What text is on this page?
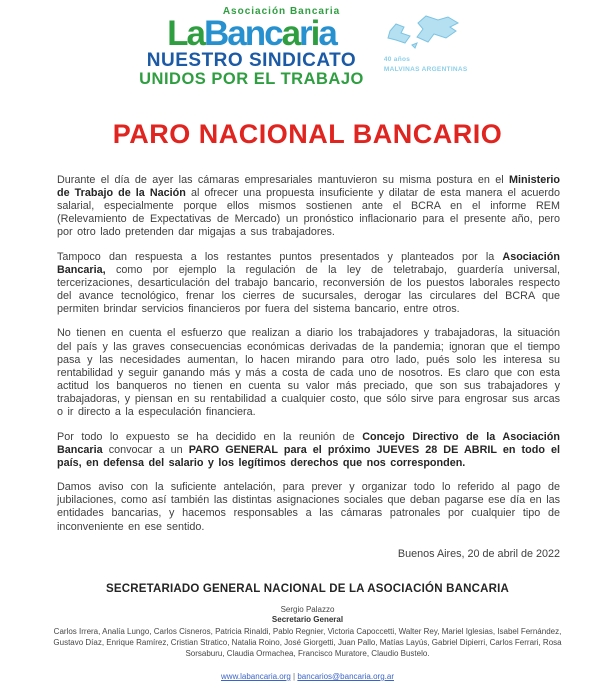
Asociación Bancaria
LaBancaria
NUESTRO SINDICATO
UNIDOS POR EL TRABAJO
40 años
MALVINAS ARGENTINAS
PARO NACIONAL BANCARIO
Durante el día de ayer las cámaras empresariales mantuvieron su misma postura en el Ministerio de Trabajo de la Nación al ofrecer una propuesta insuficiente y dilatar de esta manera el acuerdo salarial, especialmente porque ellos mismos sostienen ante el BCRA en el informe REM (Relevamiento de Expectativas de Mercado) un pronóstico inflacionario para el presente año, pero por otro lado pretenden dar migajas a sus trabajadores.
Tampoco dan respuesta a los restantes puntos presentados y planteados por la Asociación Bancaria, como por ejemplo la regulación de la ley de teletrabajo, guardería universal, tercerizaciones, desarticulación del trabajo bancario, reconversión de los puestos laborales respecto del avance tecnológico, frenar los cierres de sucursales, derogar las circulares del BCRA que permiten brindar servicios financieros por fuera del sistema bancario, entre otros.
No tienen en cuenta el esfuerzo que realizan a diario los trabajadores y trabajadoras, la situación del país y las graves consecuencias económicas derivadas de la pandemia; ignoran que el tiempo pasa y las necesidades aumentan, lo hacen mirando para otro lado, pués solo les interesa su rentabilidad y seguir ganando más y más a costa de cada uno de nosotros. Es claro que con esta actitud los banqueros no tienen en cuenta su valor más preciado, que son sus trabajadores y trabajadoras, y piensan en su rentabilidad a cualquier costo, que sólo sirve para engrosar sus arcas o ir directo a la especulación financiera.
Por todo lo expuesto se ha decidido en la reunión de Concejo Directivo de la Asociación Bancaria convocar a un PARO GENERAL para el próximo JUEVES 28 DE ABRIL en todo el país, en defensa del salario y los legítimos derechos que nos corresponden.
Damos aviso con la suficiente antelación, para prever y organizar todo lo referido al pago de jubilaciones, como así también las distintas asignaciones sociales que deban pagarse ese día en las entidades bancarias, y hacemos responsables a las cámaras patronales por cualquier tipo de inconveniente en ese sentido.
Buenos Aires, 20 de abril de 2022
SECRETARIADO GENERAL NACIONAL DE LA ASOCIACIÓN BANCARIA
Sergio Palazzo
Secretario General
Carlos Irrera, Analía Lungo, Carlos Cisneros, Patricia Rinaldi, Pablo Regnier, Victoria Capoccetti, Walter Rey, Mariel Iglesias, Isabel Fernández, Gustavo Díaz, Enrique Ramírez, Cristian Stratico, Natalia Roino, José Giorgetti, Juan Pallo, Matías Layús, Gabriel Dipierri, Carlos Ferrari, Rosa Sorsaburu, Claudia Ormachea, Francisco Muratore, Claudio Bustelo.
www.labancaria.org | bancarios@bancaria.org.ar
